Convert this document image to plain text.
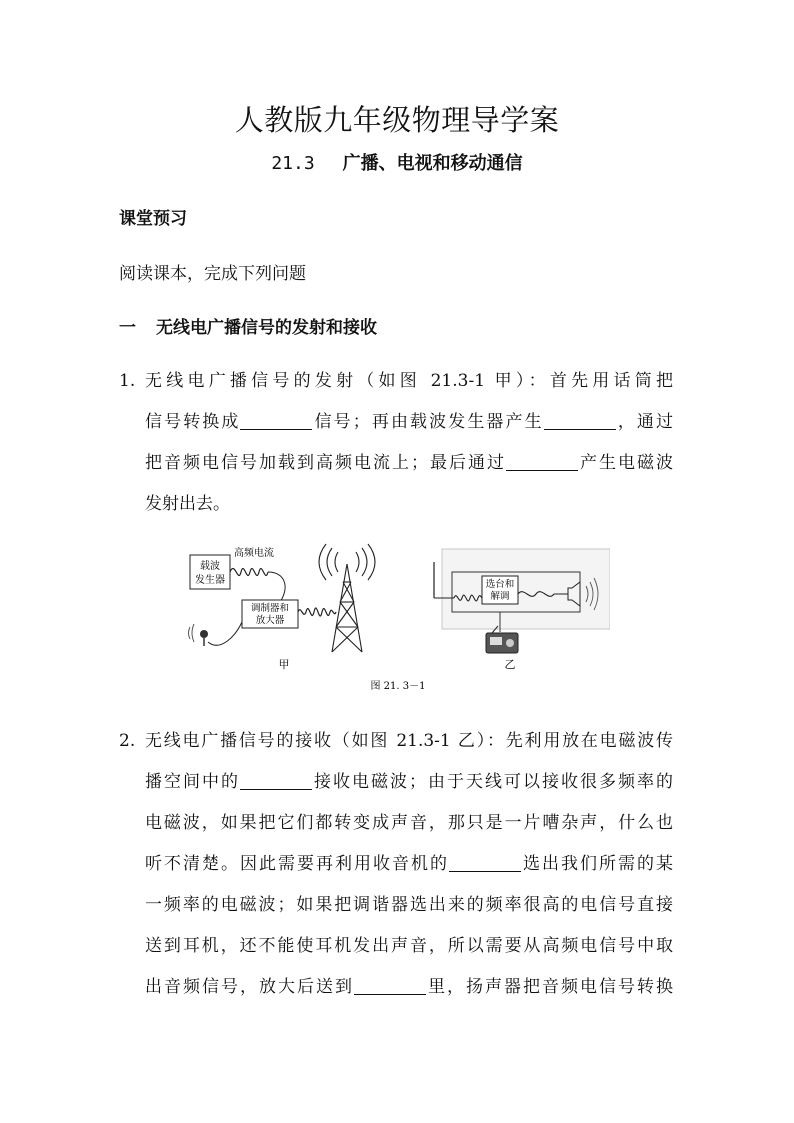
人教版九年级物理导学案
21.3 广播、电视和移动通信
课堂预习
阅读课本，完成下列问题
一 无线电广播信号的发射和接收
1. 无线电广播信号的发射（如图 21.3-1 甲）：首先用话筒把
信号转换成	信号；再由载波发生器产生	，通过
把音频电信号加载到高频电流上；最后通过	产生电磁波
发射出去。
载波
发生器
高频电流
调制器和
放大器
甲
选台和
解调
乙
图 21. 3－1
2. 无线电广播信号的接收（如图 21.3-1 乙）：先利用放在电磁波传
播空间中的	接收电磁波；由于天线可以接收很多频率的
电磁波，如果把它们都转变成声音，那只是一片嘈杂声，什么也
听不清楚。因此需要再利用收音机的	选出我们所需的某
一频率的电磁波；如果把调谐器选出来的频率很高的电信号直接
送到耳机，还不能使耳机发出声音，所以需要从高频电信号中取
出音频信号，放大后送到	里，扬声器把音频电信号转换
